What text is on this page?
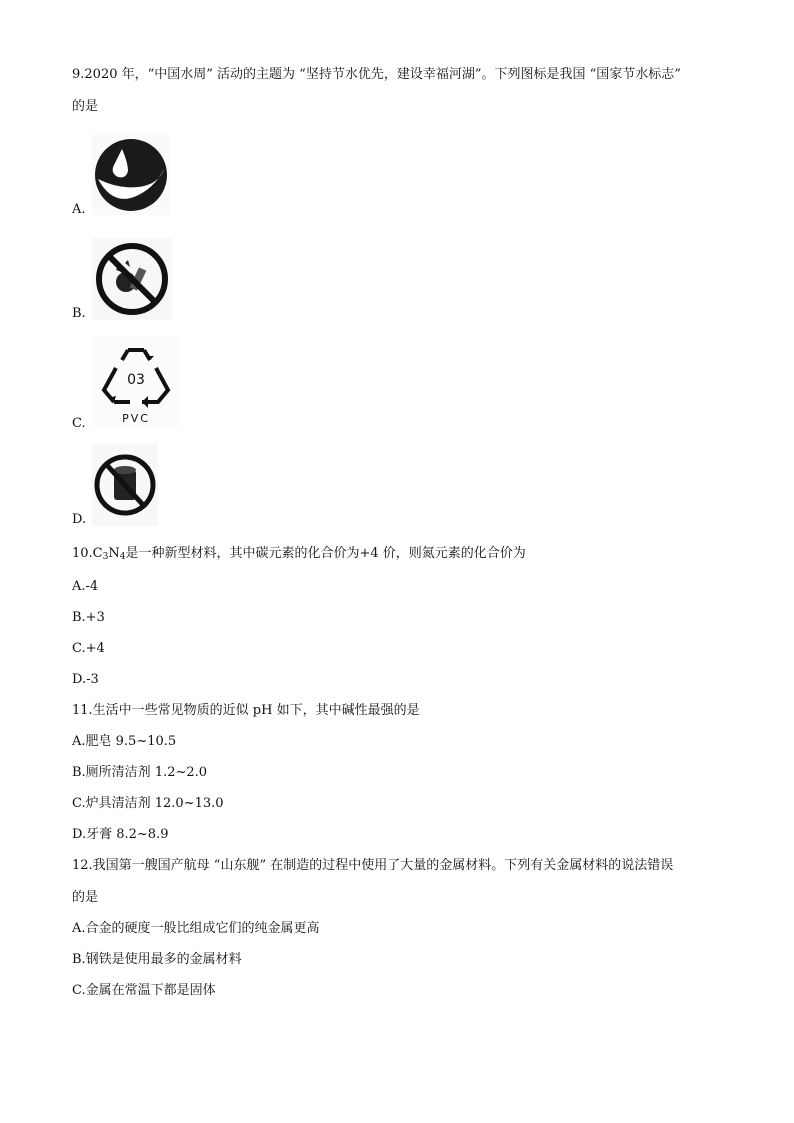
9.2020 年，“中国水周” 活动的主题为 “坚持节水优先，建设幸福河湖”。下列图标是我国 “国家节水标志”
的是
A.
B.
03
PVC
C.
D.
$10.C_3N_4$是一种新型材料，其中碳元素的化合价为+4 价，则氮元素的化合价为
A.-4
B.+3
C.+4
D.-3
11.生活中一些常见物质的近似 pH 如下，其中碱性最强的是
A.肥皂 9.5~10.5
B.厕所清洁剂 1.2~2.0
C.炉具清洁剂 12.0~13.0
D.牙膏 8.2~8.9
12.我国第一艘国产航母 “山东舰” 在制造的过程中使用了大量的金属材料。下列有关金属材料的说法错误
的是
A.合金的硬度一般比组成它们的纯金属更高
B.钢铁是使用最多的金属材料
C.金属在常温下都是固体
